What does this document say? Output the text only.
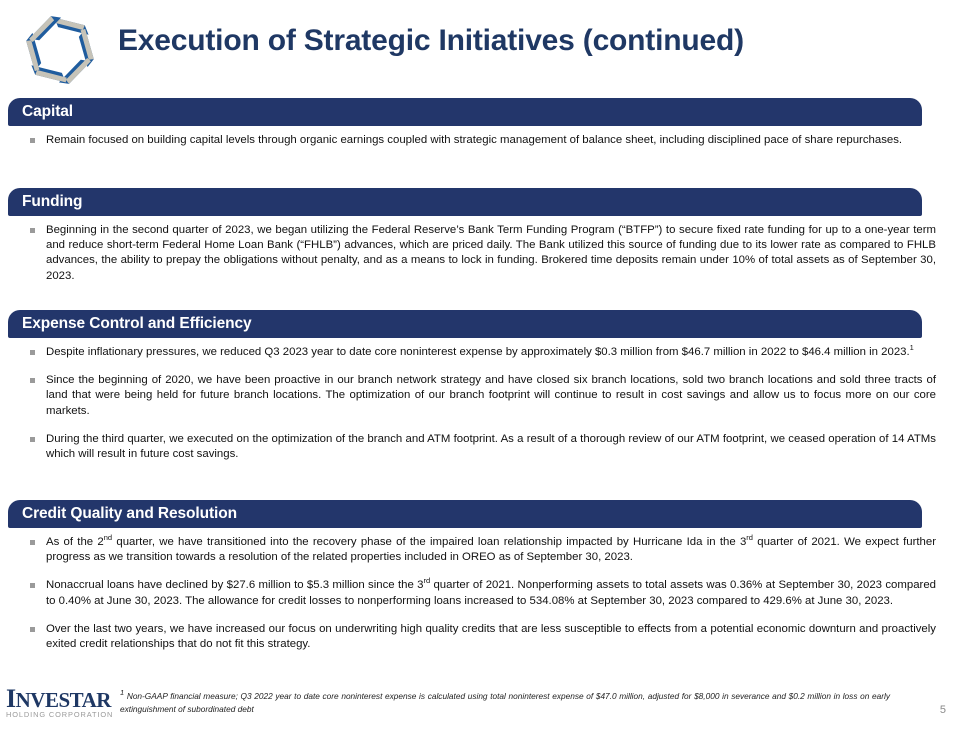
Execution of Strategic Initiatives (continued)
Capital
Remain focused on building capital levels through organic earnings coupled with strategic management of balance sheet, including disciplined pace of share repurchases.
Funding
Beginning in the second quarter of 2023, we began utilizing the Federal Reserve’s Bank Term Funding Program (“BTFP”) to secure fixed rate funding for up to a one-year term and reduce short-term Federal Home Loan Bank (“FHLB”) advances, which are priced daily. The Bank utilized this source of funding due to its lower rate as compared to FHLB advances, the ability to prepay the obligations without penalty, and as a means to lock in funding. Brokered time deposits remain under 10% of total assets as of September 30, 2023.
Expense Control and Efficiency
Despite inflationary pressures, we reduced Q3 2023 year to date core noninterest expense by approximately $0.3 million from $46.7 million in 2022 to $46.4 million in 2023.$^1$
Since the beginning of 2020, we have been proactive in our branch network strategy and have closed six branch locations, sold two branch locations and sold three tracts of land that were being held for future branch locations. The optimization of our branch footprint will continue to result in cost savings and allow us to focus more on our core markets.
During the third quarter, we executed on the optimization of the branch and ATM footprint. As a result of a thorough review of our ATM footprint, we ceased operation of 14 ATMs which will result in future cost savings.
Credit Quality and Resolution
As of the 2nd quarter, we have transitioned into the recovery phase of the impaired loan relationship impacted by Hurricane Ida in the 3rd quarter of 2021. We expect further progress as we transition towards a resolution of the related properties included in OREO as of September 30, 2023.
Nonaccrual loans have declined by $27.6 million to $5.3 million since the 3rd quarter of 2021. Nonperforming assets to total assets was 0.36% at September 30, 2023 compared to 0.40% at June 30, 2023. The allowance for credit losses to nonperforming loans increased to 534.08% at September 30, 2023 compared to 429.6% at June 30, 2023.
Over the last two years, we have increased our focus on underwriting high quality credits that are less susceptible to effects from a potential economic downturn and proactively exited credit relationships that do not fit this strategy.
INVESTAR
HOLDING CORPORATION
$^1$ Non-GAAP financial measure; Q3 2022 year to date core noninterest expense is calculated using total noninterest expense of $47.0 million, adjusted for $8,000 in severance and $0.2 million in loss on early extinguishment of subordinated debt	5
